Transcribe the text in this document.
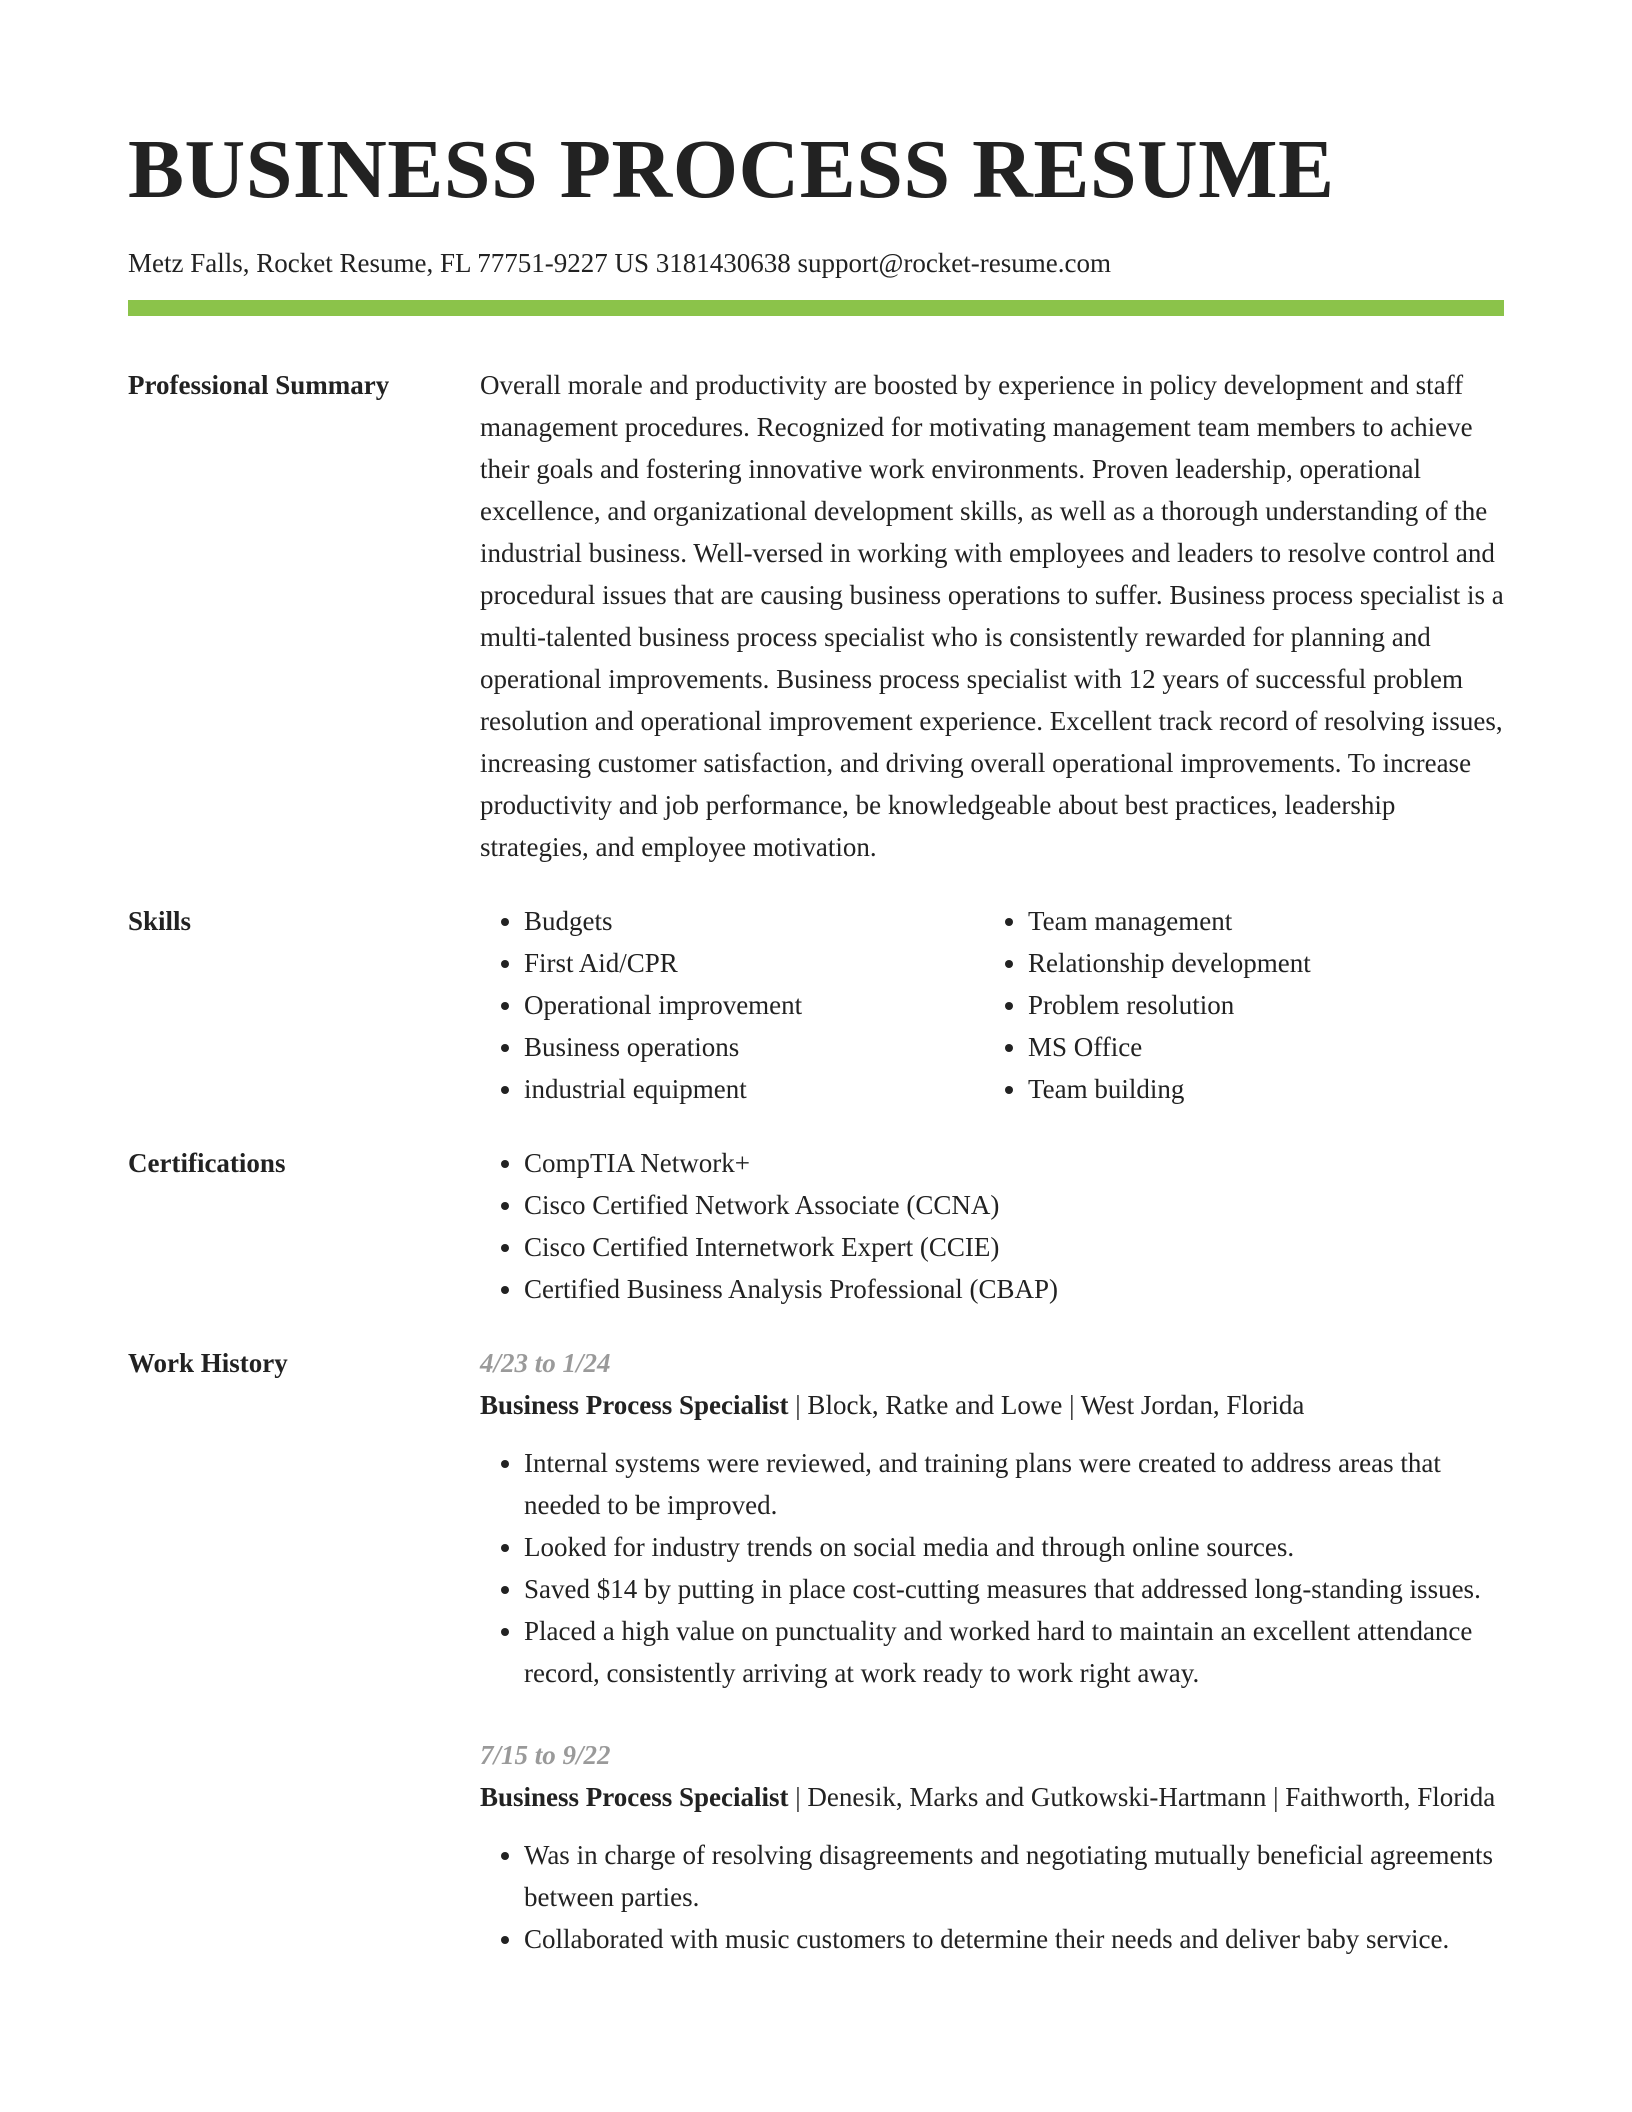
BUSINESS PROCESS RESUME
Metz Falls, Rocket Resume, FL 77751-9227 US 3181430638 support@rocket-resume.com
Professional Summary	Overall morale and productivity are boosted by experience in policy development and staff management procedures. Recognized for motivating management team members to achieve their goals and fostering innovative work environments. Proven leadership, operational excellence, and organizational development skills, as well as a thorough understanding of the industrial business. Well-versed in working with employees and leaders to resolve control and procedural issues that are causing business operations to suffer. Business process specialist is a multi-talented business process specialist who is consistently rewarded for planning and operational improvements. Business process specialist with 12 years of successful problem resolution and operational improvement experience. Excellent track record of resolving issues, increasing customer satisfaction, and driving overall operational improvements. To increase productivity and job performance, be knowledgeable about best practices, leadership strategies, and employee motivation.

Skills	• Budgets
• First Aid/CPR
• Operational improvement
• Business operations
• industrial equipment
• Team management
• Relationship development
• Problem resolution
• MS Office
• Team building
Certifications	• CompTIA Network+
• Cisco Certified Network Associate (CCNA)
• Cisco Certified Internetwork Expert (CCIE)
• Certified Business Analysis Professional (CBAP)
Work History	4/23 to 1/24
Business Process Specialist | Block, Ratke and Lowe | West Jordan, Florida
• Internal systems were reviewed, and training plans were created to address areas that needed to be improved.
• Looked for industry trends on social media and through online sources.
• Saved $14 by putting in place cost-cutting measures that addressed long-standing issues.
• Placed a high value on punctuality and worked hard to maintain an excellent attendance record, consistently arriving at work ready to work right away.
7/15 to 9/22
Business Process Specialist | Denesik, Marks and Gutkowski-Hartmann | Faithworth, Florida
• Was in charge of resolving disagreements and negotiating mutually beneficial agreements between parties.
• Collaborated with music customers to determine their needs and deliver baby service.
